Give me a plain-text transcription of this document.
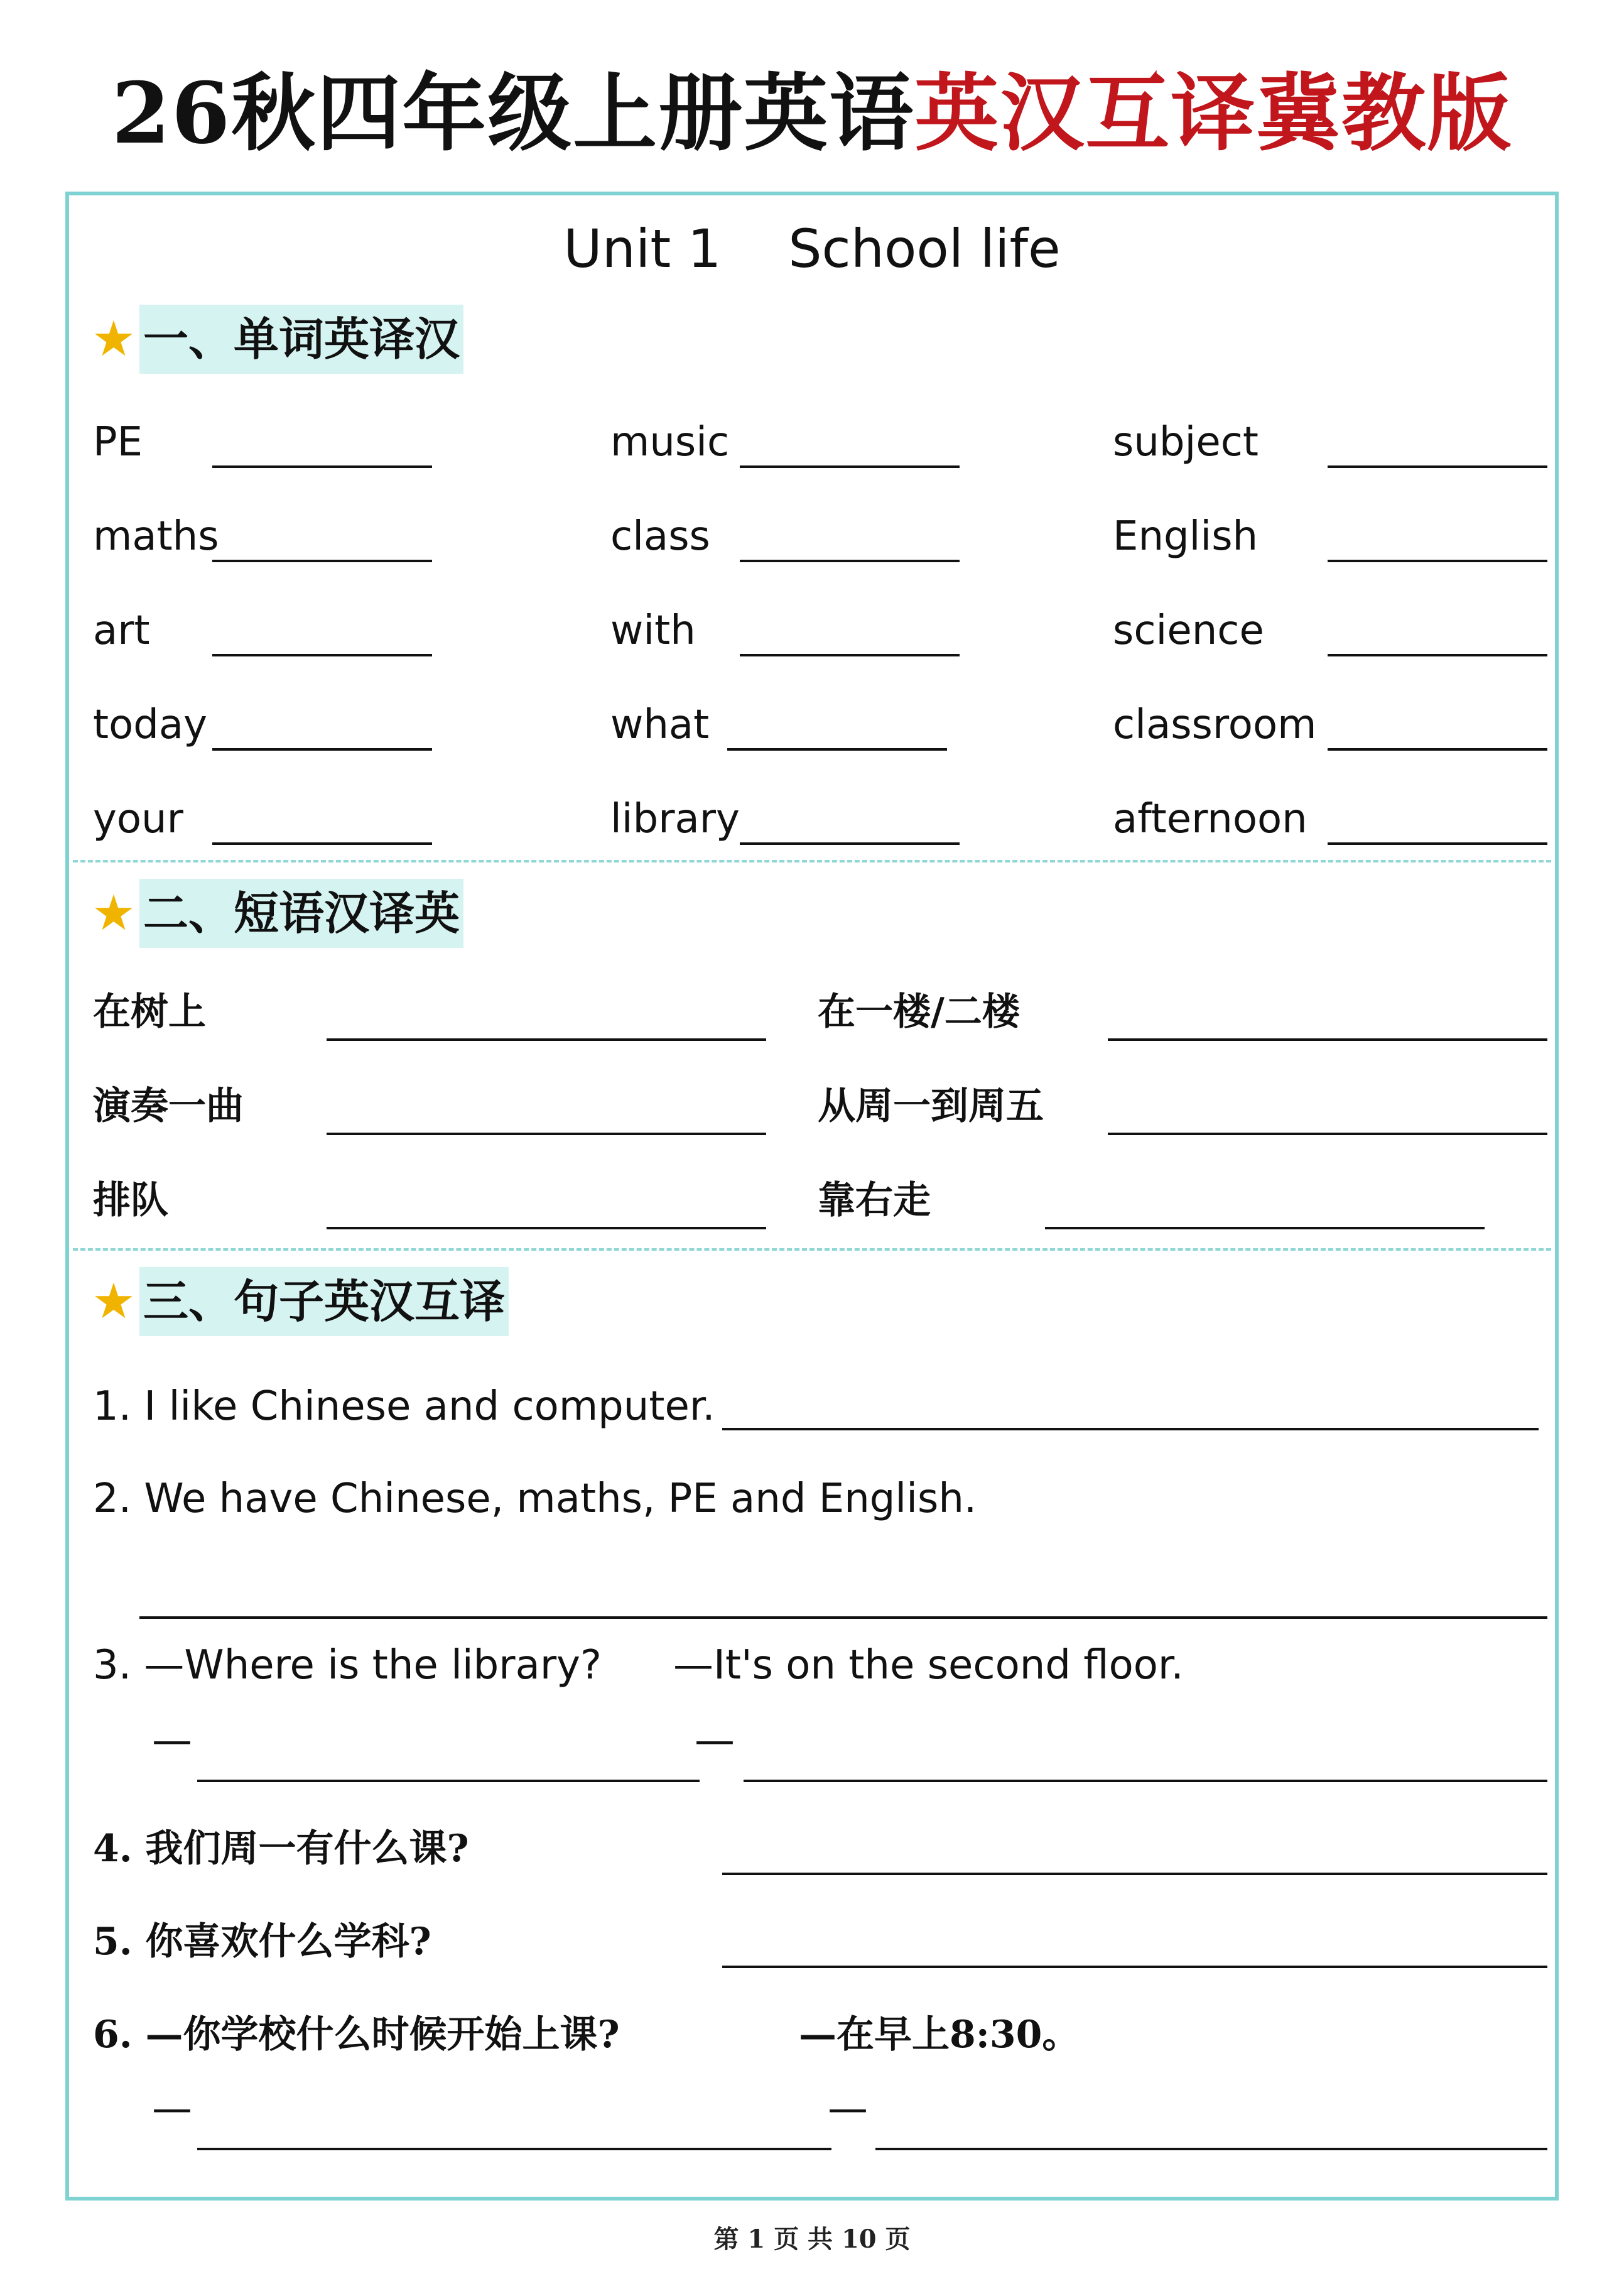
26秋四年级上册英语英汉互译冀教版
Unit 1    School life
★ 一、单词英译汉
PE	music	subject
maths	class	English
art	with	science
today	what	classroom
your	library	afternoon
★ 二、短语汉译英
在树上	在一楼/二楼
演奏一曲	从周一到周五
排队	靠右走
★ 三、句子英汉互译
1. I like Chinese and computer.
2. We have Chinese, maths, PE and English.
3. —Where is the library? —It's on the second floor.
—	—
4. 我们周一有什么课?
5. 你喜欢什么学科?
6. —你学校什么时候开始上课?	—在早上8:30。
—	—
第 1 页 共 10 页
